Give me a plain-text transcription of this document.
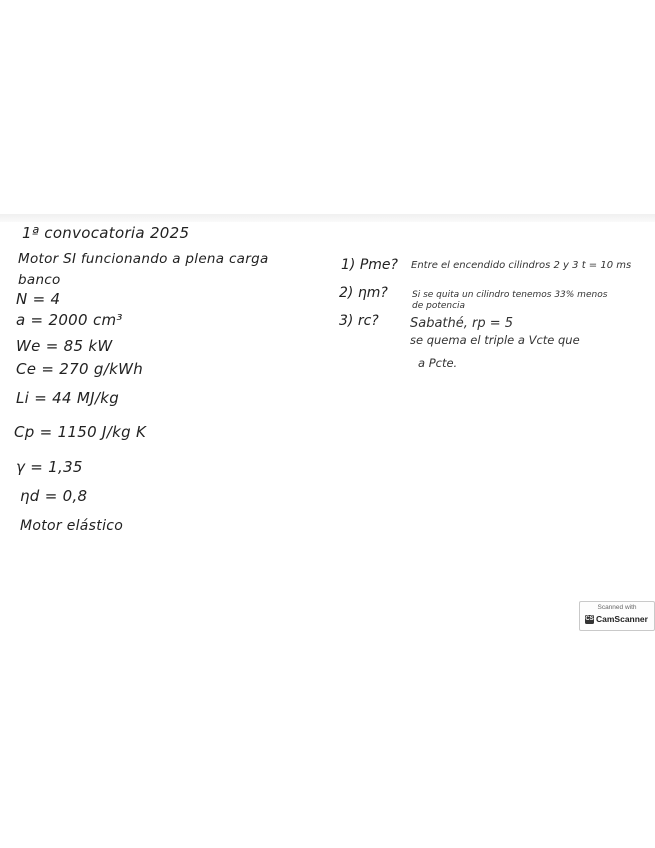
1ª convocatoria 2025
Motor SI funcionando a plena carga
banco
N = 4
a = 2000 cm³
We = 85 kW
Ce = 270 g/kWh
Li = 44 MJ/kg
Cp = 1150 J/kg K
γ = 1,35
ηd = 0,8
Motor elástico
1) Pme? Entre el encendido cilindros 2 y 3 t = 10 ms
2) ηm?	Si se quita un cilindro tenemos 33% menos
de potencia
3) rc? Sabathé, rp = 5
se quema el triple a Vcte que
a Pcte.
Scanned with
CS CamScanner
